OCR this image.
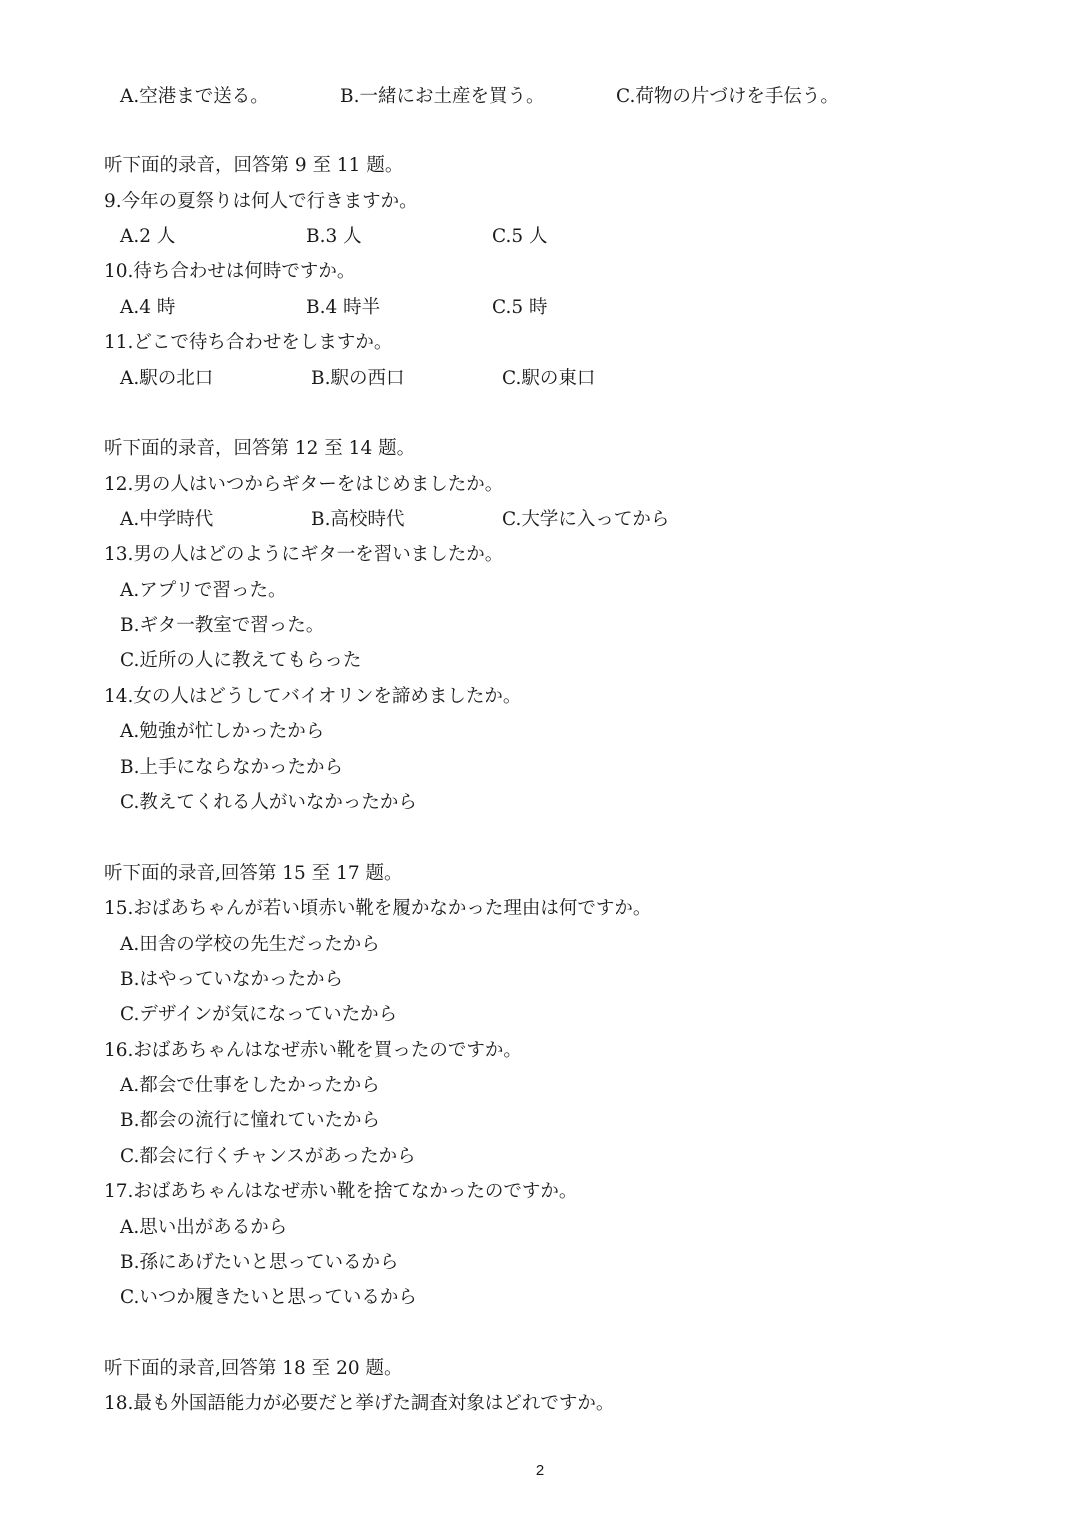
A.空港まで送る。	B.一緒にお土産を買う。	C.荷物の片づけを手伝う。
听下面的录音，回答第 9 至 11 题。
9.今年の夏祭りは何人で行きますか。
A.2 人	B.3 人	C.5 人
10.待ち合わせは何時ですか。
A.4 時	B.4 時半	C.5 時
11.どこで待ち合わせをしますか。
A.駅の北口	B.駅の西口	C.駅の東口
听下面的录音，回答第 12 至 14 题。
12.男の人はいつからギターをはじめましたか。
A.中学時代	B.高校時代	C.大学に入ってから
13.男の人はどのようにギタ一を習いましたか。
A.アプリで習った。
B.ギタ一教室で習った。
C.近所の人に教えてもらった
14.女の人はどうしてバイオリンを諦めましたか。
A.勉強が忙しかったから
B.上手にならなかったから
C.教えてくれる人がいなかったから
听下面的录音,回答第 15 至 17 题。
15.おばあちゃんが若い頃赤い靴を履かなかった理由は何ですか。
A.田舎の学校の先生だったから
B.はやっていなかったから
C.デザインが気になっていたから
16.おばあちゃんはなぜ赤い靴を買ったのですか。
A.都会で仕事をしたかったから
B.都会の流行に憧れていたから
C.都会に行くチャンスがあったから
17.おばあちゃんはなぜ赤い靴を捨てなかったのですか。
A.思い出があるから
B.孫にあげたいと思っているから
C.いつか履きたいと思っているから
听下面的录音,回答第 18 至 20 题。
18.最も外国語能力が必要だと挙げた調査対象はどれですか。
2
